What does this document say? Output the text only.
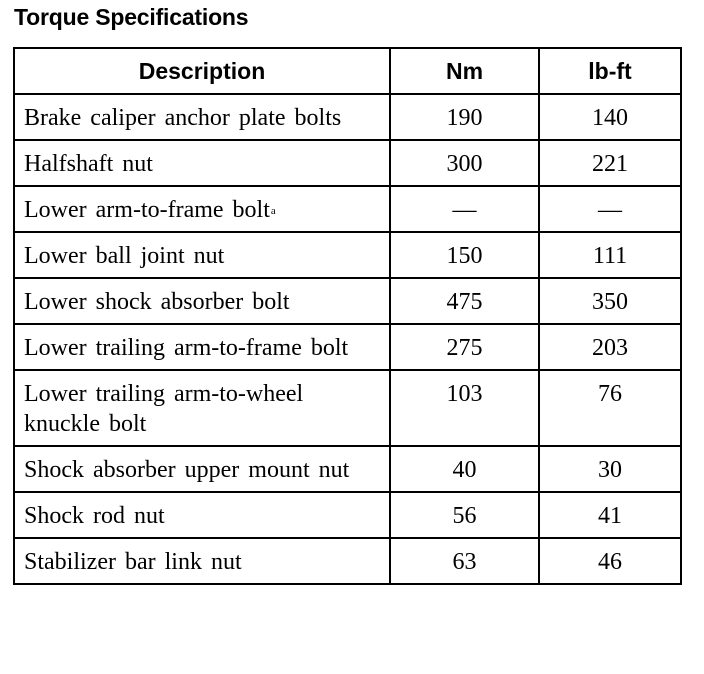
Torque Specifications
Description	Nm	lb-ft
Brake caliper anchor plate bolts	190	140
Halfshaft nut	300	221
Lower arm-to-frame bolt$^a$	—	—
Lower ball joint nut	150	111
Lower shock absorber bolt	475	350
Lower trailing arm-to-frame bolt	275	203
Lower trailing arm-to-wheel knuckle bolt	103	76
Shock absorber upper mount nut	40	30
Shock rod nut	56	41
Stabilizer bar link nut	63	46
